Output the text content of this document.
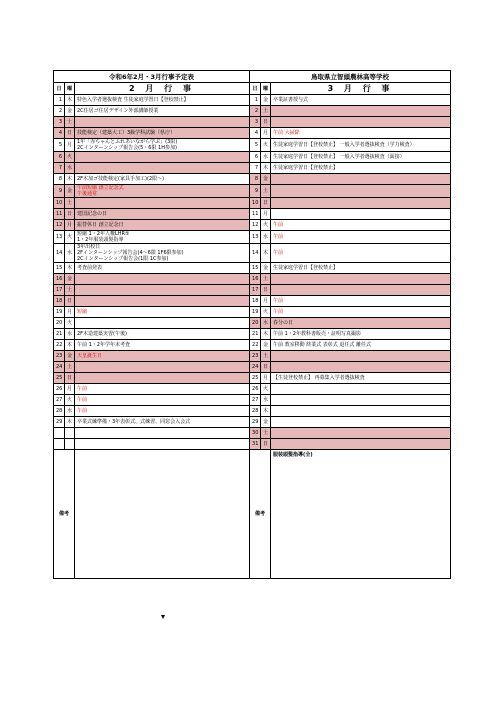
令和6年2月・3月行事予定表			鳥取県立智頭農林高等学校		
日	曜	2 月 行 事	日	曜	3 月 行 事
1	木	特色入学者選抜検査 生徒家庭学習日【登校禁止】	1	金	卒業証書授与式

2	金	2C住居ゴ住居デザイン外部講師授業	2	土	

3	土		3	日	

4	日	技能検定（建築大工）3級学科試験（県庁）	4	月	午前 大掃除

5	月	1年「赤ちゃんとふれあいながら学ぶ」(3限)
2Cインターンシップ報告会(5・6限 1H参加)	5	火	生徒家庭学習日【登校禁止】 一般入学者選抜検査（学力検査）

6	火		6	水	生徒家庭学習日【登校禁止】 一般入学者選抜検査（面接）

7	水		7	木	生徒家庭学習日【登校禁止】

8	木	2F木加ゴ技能検定(家具手加工)(2限〜)	8	金	

9	金	午前短縮 創立記念式
午後通常	9	土	

10	土		10	日	

11	日	建国記念の日	11	月	

12	月	振替休日 創立記念日	12	火	午前

13	火	短縮 1・2年人権LHR⑤
1・2年服装頭髪指導	13	水	午前

14	水	3年出校日
2Fインターンシップ報告会(4〜6限 1F6限参加)
2Cインターンシップ報告会(1限 1C参加)	14	木	午前

15	木	考査前発表	15	金	生徒家庭学習日【登校禁止】

16	金		16	土	

17	土		17	日	

18	日		18	月	午前

19	月	短縮	19	火	午前

20	火		20	水	春分の日

21	水	2F木造建築実習(午後)	21	木	午前 1・2年教科書販売・証明写真撮影

22	木	午前 1・2年学年末考査	22	金	午前 教室移動 終業式 表彰式 退任式 離任式

23	金	天皇誕生日	23	土	

24	土		24	日	

25	日		25	月	【生徒登校禁止】 再募集入学者選抜検査

26	月	午前	26	火	

27	火	午前	27	水	

28	水	午前	28	木	

29	木	卒業式練準備・3年表彰式、式練習、同窓会入会式	29	金	

	30	土	

	31	日	

備考			備考		服装頭髪指導(全)
